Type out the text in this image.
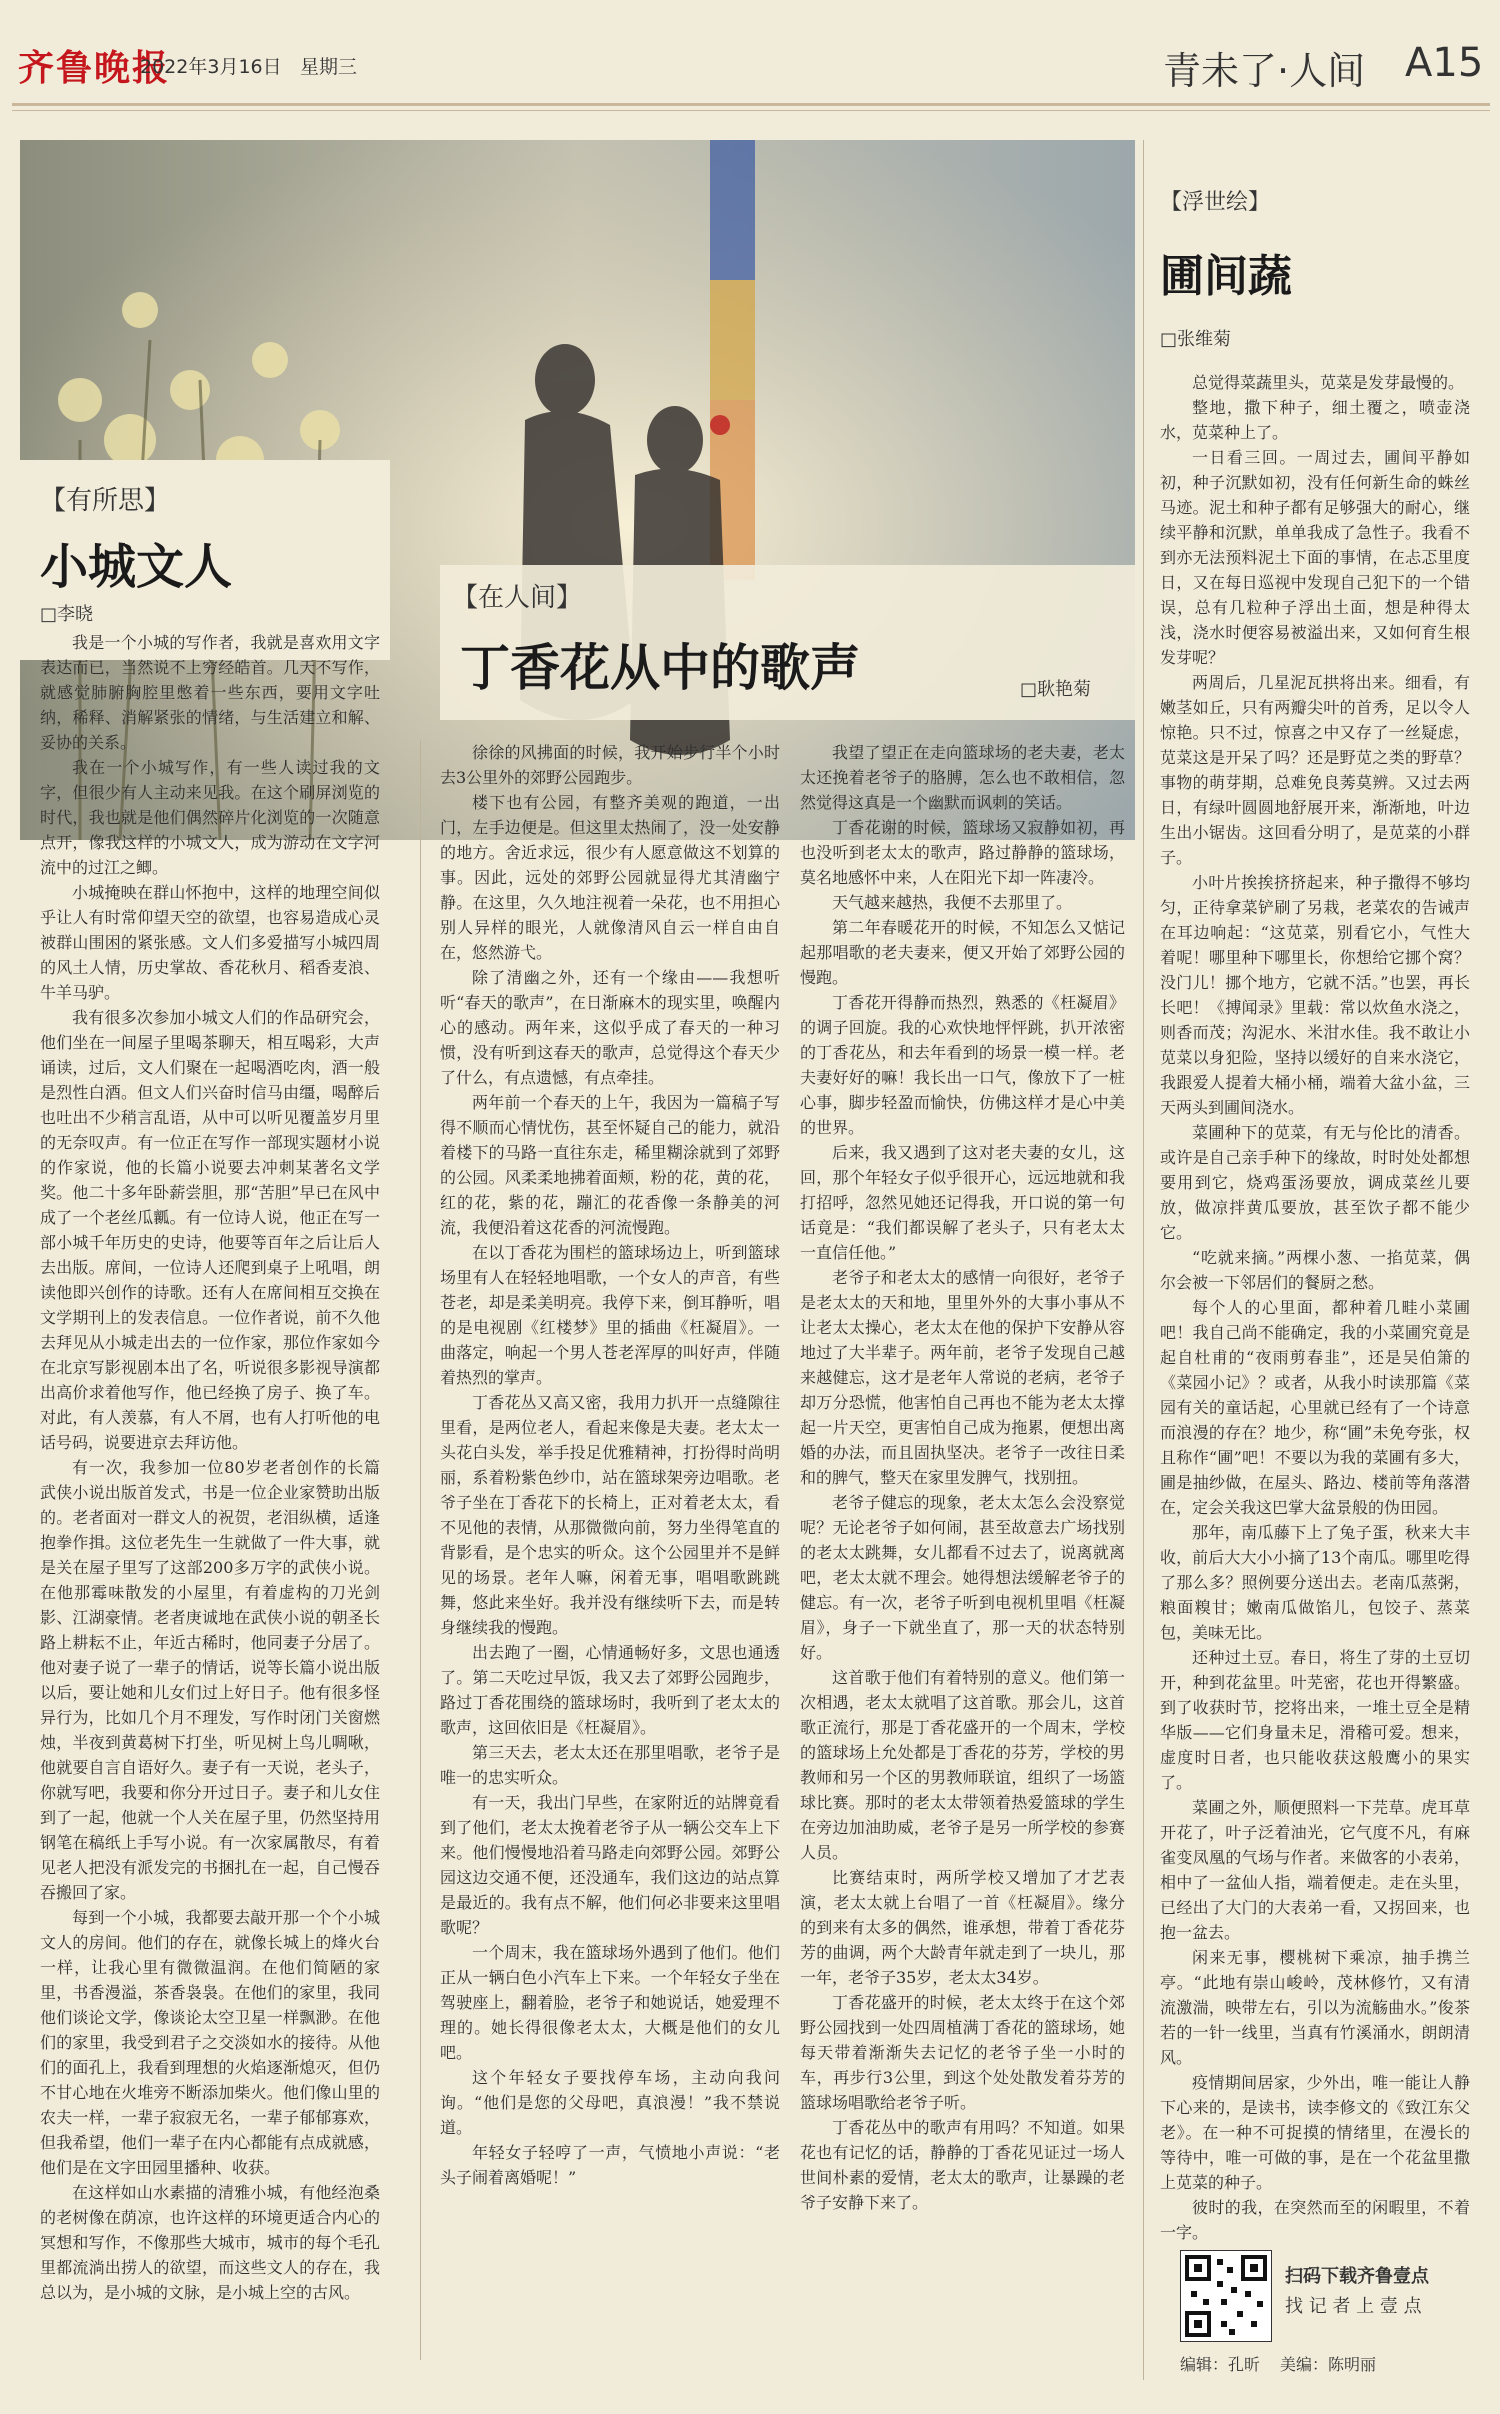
齐鲁晚报
2022年3月16日 星期三	青未了·人间 A15
【有所思】
小城文人
□李晓
【在人间】
丁香花从中的歌声	□耿艳菊

我是一个小城的写作者，我就是喜欢用文字表达而已，当然说不上穷经皓首。几天不写作，就感觉肺腑胸腔里憋着一些东西，要用文字吐纳，稀释、消解紧张的情绪，与生活建立和解、妥协的关系。

我在一个小城写作，有一些人读过我的文字，但很少有人主动来见我。在这个刷屏浏览的时代，我也就是他们偶然碎片化浏览的一次随意点开，像我这样的小城文人，成为游动在文字河流中的过江之鲫。

小城掩映在群山怀抱中，这样的地理空间似乎让人有时常仰望天空的欲望，也容易造成心灵被群山围困的紧张感。文人们多爱描写小城四周的风土人情，历史掌故、香花秋月、稻香麦浪、牛羊马驴。

我有很多次参加小城文人们的作品研究会，他们坐在一间屋子里喝茶聊天，相互喝彩，大声诵读，过后，文人们聚在一起喝酒吃肉，酒一般是烈性白酒。但文人们兴奋时信马由缰，喝醉后也吐出不少稍言乱语，从中可以听见覆盖岁月里的无奈叹声。有一位正在写作一部现实题材小说的作家说，他的长篇小说要去冲刺某著名文学奖。他二十多年卧薪尝胆，那“苦胆”早已在风中成了一个老丝瓜瓤。有一位诗人说，他正在写一部小城千年历史的史诗，他要等百年之后让后人去出版。席间，一位诗人还爬到桌子上吼唱，朗读他即兴创作的诗歌。还有人在席间相互交换在文学期刊上的发表信息。一位作者说，前不久他去拜见从小城走出去的一位作家，那位作家如今在北京写影视剧本出了名，听说很多影视导演都出高价求着他写作，他已经换了房子、换了车。对此，有人羡慕，有人不屑，也有人打听他的电话号码，说要进京去拜访他。

有一次，我参加一位80岁老者创作的长篇武侠小说出版首发式，书是一位企业家赞助出版的。老者面对一群文人的祝贺，老泪纵横，适逢抱拳作揖。这位老先生一生就做了一件大事，就是关在屋子里写了这部200多万字的武侠小说。在他那霉味散发的小屋里，有着虚构的刀光剑影、江湖豪情。老者庚诚地在武侠小说的朝圣长路上耕耘不止，年近古稀时，他同妻子分居了。他对妻子说了一辈子的情话，说等长篇小说出版以后，要让她和儿女们过上好日子。他有很多怪异行为，比如几个月不理发，写作时闭门关窗燃烛，半夜到黄葛树下打坐，听见树上鸟儿啁啾，他就要自言自语好久。妻子有一天说，老头子，你就写吧，我要和你分开过日子。妻子和儿女住到了一起，他就一个人关在屋子里，仍然坚持用钢笔在稿纸上手写小说。有一次家属散尽，有着见老人把没有派发完的书捆扎在一起，自己慢吞吞搬回了家。

每到一个小城，我都要去敲开那一个个小城文人的房间。他们的存在，就像长城上的烽火台一样，让我心里有微微温润。在他们简陋的家里，书香漫溢，茶香袅袅。在他们的家里，我同他们谈论文学，像谈论太空卫星一样飘渺。在他们的家里，我受到君子之交淡如水的接待。从他们的面孔上，我看到理想的火焰逐渐熄灭，但仍不甘心地在火堆旁不断添加柴火。他们像山里的农夫一样，一辈子寂寂无名，一辈子郁郁寡欢，但我希望，他们一辈子在内心都能有点成就感，他们是在文字田园里播种、收获。

在这样如山水素描的清雅小城，有他经泡桑的老树像在荫凉，也许这样的环境更适合内心的冥想和写作，不像那些大城市，城市的每个毛孔里都流淌出捞人的欲望，而这些文人的存在，我总以为，是小城的文脉，是小城上空的古风。

徐徐的风拂面的时候，我开始步行半个小时去3公里外的郊野公园跑步。

楼下也有公园，有整齐美观的跑道，一出门，左手边便是。但这里太热闹了，没一处安静的地方。舍近求远，很少有人愿意做这不划算的事。因此，远处的郊野公园就显得尤其清幽宁静。在这里，久久地注视着一朵花，也不用担心别人异样的眼光，人就像清风自云一样自由自在，悠然游弋。

除了清幽之外，还有一个缘由——我想听听“春天的歌声”，在日渐麻木的现实里，唤醒内心的感动。两年来，这似乎成了春天的一种习惯，没有听到这春天的歌声，总觉得这个春天少了什么，有点遗憾，有点牵挂。

两年前一个春天的上午，我因为一篇稿子写得不顺而心情忧伤，甚至怀疑自己的能力，就沿着楼下的马路一直往东走，稀里糊涂就到了郊野的公园。风柔柔地拂着面颊，粉的花，黄的花，红的花，紫的花，蹦汇的花香像一条静美的河流，我便沿着这花香的河流慢跑。

在以丁香花为围栏的篮球场边上，听到篮球场里有人在轻轻地唱歌，一个女人的声音，有些苍老，却是柔美明亮。我停下来，倒耳静听，唱的是电视剧《红楼梦》里的插曲《枉凝眉》。一曲落定，响起一个男人苍老浑厚的叫好声，伴随着热烈的掌声。

丁香花丛又高又密，我用力扒开一点缝隙往里看，是两位老人，看起来像是夫妻。老太太一头花白头发，举手投足优雅精神，打扮得时尚明丽，系着粉紫色纱巾，站在篮球架旁边唱歌。老爷子坐在丁香花下的长椅上，正对着老太太，看不见他的表情，从那微微向前，努力坐得笔直的背影看，是个忠实的听众。这个公园里并不是鲜见的场景。老年人嘛，闲着无事，唱唱歌跳跳舞，悠此来坐好。我并没有继续听下去，而是转身继续我的慢跑。

出去跑了一圈，心情通畅好多，文思也通透了。第二天吃过早饭，我又去了郊野公园跑步，路过丁香花围绕的篮球场时，我听到了老太太的歌声，这回依旧是《枉凝眉》。

第三天去，老太太还在那里唱歌，老爷子是唯一的忠实听众。

有一天，我出门早些，在家附近的站牌竟看到了他们，老太太挽着老爷子从一辆公交车上下来。他们慢慢地沿着马路走向郊野公园。郊野公园这边交通不便，还没通车，我们这边的站点算是最近的。我有点不解，他们何必非要来这里唱歌呢？

一个周末，我在篮球场外遇到了他们。他们正从一辆白色小汽车上下来。一个年轻女子坐在驾驶座上，翻着脸，老爷子和她说话，她爱理不理的。她长得很像老太太，大概是他们的女儿吧。

这个年轻女子要找停车场，主动向我问询。“他们是您的父母吧，真浪漫！”我不禁说道。

年轻女子轻哼了一声，气愤地小声说：“老头子闹着离婚呢！”

我望了望正在走向篮球场的老夫妻，老太太还挽着老爷子的胳膊，怎么也不敢相信，忽然觉得这真是一个幽默而讽刺的笑话。

丁香花谢的时候，篮球场又寂静如初，再也没听到老太太的歌声，路过静静的篮球场，莫名地感怀中来，人在阳光下却一阵凄冷。

天气越来越热，我便不去那里了。

第二年春暖花开的时候，不知怎么又惦记起那唱歌的老夫妻来，便又开始了郊野公园的慢跑。

丁香花开得静而热烈，熟悉的《枉凝眉》的调子回旋。我的心欢快地怦怦跳，扒开浓密的丁香花丛，和去年看到的场景一模一样。老夫妻好好的嘛！我长出一口气，像放下了一桩心事，脚步轻盈而愉快，仿佛这样才是心中美的世界。

后来，我又遇到了这对老夫妻的女儿，这回，那个年轻女子似乎很开心，远远地就和我打招呼，忽然见她还记得我，开口说的第一句话竟是：“我们都误解了老头子，只有老太太一直信任他。”

老爷子和老太太的感情一向很好，老爷子是老太太的天和地，里里外外的大事小事从不让老太太操心，老太太在他的保护下安静从容地过了大半辈子。两年前，老爷子发现自己越来越健忘，这才是老年人常说的老病，老爷子却万分恐慌，他害怕自己再也不能为老太太撑起一片天空，更害怕自己成为拖累，便想出离婚的办法，而且固执坚决。老爷子一改往日柔和的脾气，整天在家里发脾气，找别扭。

老爷子健忘的现象，老太太怎么会没察觉呢？无论老爷子如何闹，甚至故意去广场找别的老太太跳舞，女儿都看不过去了，说离就离吧，老太太就不理会。她得想法缓解老爷子的健忘。有一次，老爷子听到电视机里唱《枉凝眉》，身子一下就坐直了，那一天的状态特别好。

这首歌于他们有着特别的意义。他们第一次相遇，老太太就唱了这首歌。那会儿，这首歌正流行，那是丁香花盛开的一个周末，学校的篮球场上允处都是丁香花的芬芳，学校的男教师和另一个区的男教师联谊，组织了一场篮球比赛。那时的老太太带领着热爱篮球的学生在旁边加油助威，老爷子是另一所学校的参赛人员。

比赛结束时，两所学校又增加了才艺表演，老太太就上台唱了一首《枉凝眉》。缘分的到来有太多的偶然，谁承想，带着丁香花芬芳的曲调，两个大龄青年就走到了一块儿，那一年，老爷子35岁，老太太34岁。

丁香花盛开的时候，老太太终于在这个郊野公园找到一处四周植满丁香花的篮球场，她每天带着渐渐失去记忆的老爷子坐一小时的车，再步行3公里，到这个处处散发着芬芳的篮球场唱歌给老爷子听。

丁香花丛中的歌声有用吗？不知道。如果花也有记忆的话，静静的丁香花见证过一场人世间朴素的爱情，老太太的歌声，让暴躁的老爷子安静下来了。

【浮世绘】
圃间蔬
□张维菊

总觉得菜蔬里头，苋菜是发芽最慢的。

整地，撒下种子，细土覆之，喷壶浇水，苋菜种上了。

一日看三回。一周过去，圃间平静如初，种子沉默如初，没有任何新生命的蛛丝马迹。泥土和种子都有足够强大的耐心，继续平静和沉默，单单我成了急性子。我看不到亦无法预料泥土下面的事情，在忐忑里度日，又在每日巡视中发现自己犯下的一个错误，总有几粒种子浮出土面，想是种得太浅，浇水时便容易被溢出来，又如何育生根发芽呢？

两周后，几星泥瓦拱将出来。细看，有嫩茎如丘，只有两瓣尖叶的首秀，足以令人惊艳。只不过，惊喜之中又存了一丝疑虑，苋菜这是开呆了吗？还是野苋之类的野草？事物的萌芽期，总难免良莠莫辨。又过去两日，有绿叶圆圆地舒展开来，渐渐地，叶边生出小锯齿。这回看分明了，是苋菜的小群子。

小叶片挨挨挤挤起来，种子撒得不够均匀，正待拿菜铲刷了另栽，老菜农的告诫声在耳边响起：“这苋菜，别看它小，气性大着呢！哪里种下哪里长，你想给它挪个窝？没门儿！挪个地方，它就不活。”也罢，再长长吧！《搏闻录》里载：常以炊鱼水浇之，则香而茂；沟泥水、米泔水佳。我不敢让小苋菜以身犯险，坚持以缓好的自来水浇它，我跟爱人提着大桶小桶，端着大盆小盆，三天两头到圃间浇水。

菜圃种下的苋菜，有无与伦比的清香。或许是自己亲手种下的缘故，时时处处都想要用到它，烧鸡蛋汤要放，调成菜丝儿要放，做凉拌黄瓜要放，甚至饮子都不能少它。

“吃就来摘。”两棵小葱、一掐苋菜，偶尔会被一下邻居们的餐厨之愁。

每个人的心里面，都种着几畦小菜圃吧！我自己尚不能确定，我的小菜圃究竟是起自杜甫的“夜雨剪春韭”，还是吴伯箫的《菜园小记》？或者，从我小时读那篇《菜园有关的童话起，心里就已经有了一个诗意而浪漫的存在？地少，称“圃”未免夸张，权且称作“圃”吧！不要以为我的菜圃有多大，圃是抽纱做，在屋头、路边、楼前等角落潜在，定会关我这巴掌大盆景般的伪田园。

那年，南瓜藤下上了兔子蛋，秋来大丰收，前后大大小小摘了13个南瓜。哪里吃得了那么多？照例要分送出去。老南瓜蒸粥，粮面糗甘；嫩南瓜做馅儿，包饺子、蒸菜包，美味无比。

还种过土豆。春日，将生了芽的土豆切开，种到花盆里。叶芜密，花也开得繁盛。到了收获时节，挖将出来，一堆土豆全是精华版——它们身量未足，滑稽可爱。想来，虚度时日者，也只能收获这般鹰小的果实了。

菜圃之外，顺便照料一下芫草。虎耳草开花了，叶子泛着油光，它气度不凡，有麻雀变凤凰的气场与作者。来做客的小表弟，相中了一盆仙人指，端着便走。走在头里，已经出了大门的大表弟一看，又拐回来，也抱一盆去。

闲来无事，樱桃树下乘凉，抽手携兰亭。“此地有崇山峻岭，茂林修竹，又有清流激湍，映带左右，引以为流觞曲水。”俊茶若的一针一线里，当真有竹溪涌水，朗朗清风。

疫情期间居家，少外出，唯一能让人静下心来的，是读书，读李修文的《致江东父老》。在一种不可捉摸的情绪里，在漫长的等待中，唯一可做的事，是在一个花盆里撒上苋菜的种子。

彼时的我，在突然而至的闲暇里，不着一字。

扫码下载齐鲁壹点
找 记 者 上 壹 点
编辑：孔昕 美编：陈明丽
